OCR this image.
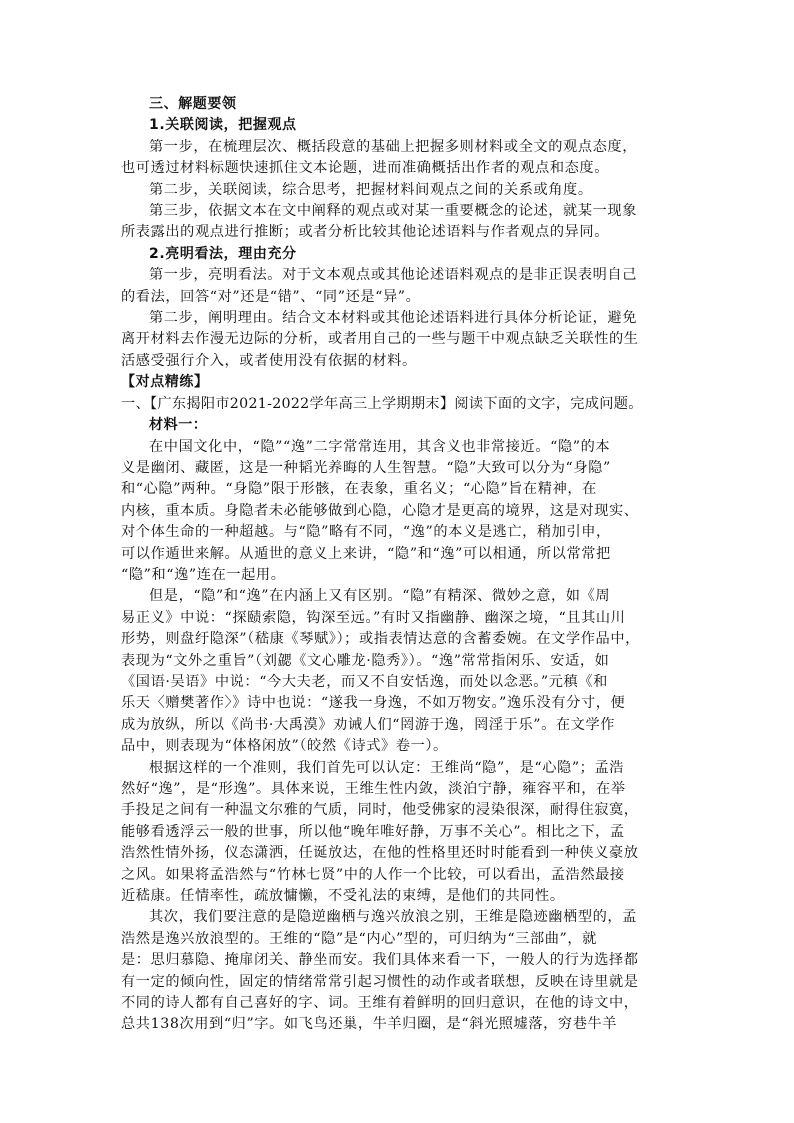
三、解题要领
1.关联阅读，把握观点
第一步，在梳理层次、概括段意的基础上把握多则材料或全文的观点态度，
也可透过材料标题快速抓住文本论题，进而准确概括出作者的观点和态度。
第二步，关联阅读，综合思考，把握材料间观点之间的关系或角度。
第三步，依据文本在文中阐释的观点或对某一重要概念的论述，就某一现象
所表露出的观点进行推断；或者分析比较其他论述语料与作者观点的异同。
2.亮明看法，理由充分
第一步，亮明看法。对于文本观点或其他论述语料观点的是非正误表明自己
的看法，回答“对”还是“错”、“同”还是“异”。
第二步，阐明理由。结合文本材料或其他论述语料进行具体分析论证，避免
离开材料去作漫无边际的分析，或者用自己的一些与题干中观点缺乏关联性的生
活感受强行介入，或者使用没有依据的材料。
【对点精练】
一、【广东揭阳市2021-2022学年高三上学期期末】阅读下面的文字，完成问题。
材料一：
在中国文化中，“隐”“逸”二字常常连用，其含义也非常接近。“隐”的本
义是幽闭、藏匿，这是一种韬光养晦的人生智慧。“隐”大致可以分为“身隐”
和“心隐”两种。“身隐”限于形骸，在表象，重名义；“心隐”旨在精神，在
内核，重本质。身隐者未必能够做到心隐，心隐才是更高的境界，这是对现实、
对个体生命的一种超越。与“隐”略有不同，“逸”的本义是逃亡，稍加引申，
可以作遁世来解。从遁世的意义上来讲，“隐”和“逸”可以相通，所以常常把
“隐”和“逸”连在一起用。
但是，“隐”和“逸”在内涵上又有区别。“隐”有精深、微妙之意，如《周
易正义》中说：“探赜索隐，钩深至远。”有时又指幽静、幽深之境，“且其山川
形势，则盘纡隐深”（嵇康《琴赋》）；或指表情达意的含蓄委婉。在文学作品中，
表现为“文外之重旨”（刘勰《文心雕龙·隐秀》）。“逸”常常指闲乐、安适，如
《国语·吴语》中说：“今大夫老，而又不自安恬逸，而处以念恶。”元稹《和
乐天〈赠樊著作〉》诗中也说：“遂我一身逸，不如万物安。”逸乐没有分寸，便
成为放纵，所以《尚书·大禹漠》劝诫人们“罔游于逸，罔淫于乐”。在文学作
品中，则表现为“体格闲放”（皎然《诗式》卷一）。
根据这样的一个准则，我们首先可以认定：王维尚“隐”，是“心隐”；孟浩
然好“逸”，是“形逸”。具体来说，王维生性内敛，淡泊宁静，雍容平和，在举
手投足之间有一种温文尔雅的气质，同时，他受佛家的浸染很深，耐得住寂寞，
能够看透浮云一般的世事，所以他“晚年唯好静，万事不关心”。相比之下，孟
浩然性情外扬，仪态潇洒，任诞放达，在他的性格里还时时能看到一种侠义豪放
之风。如果将孟浩然与“竹林七贤”中的人作一个比较，可以看出，孟浩然最接
近嵇康。任情率性，疏放慵懒，不受礼法的束缚，是他们的共同性。
其次，我们要注意的是隐逆幽栖与逸兴放浪之别，王维是隐迹幽栖型的，孟
浩然是逸兴放浪型的。王维的“隐”是“内心”型的，可归纳为“三部曲”，就
是：思归慕隐、掩扉闭关、静坐而安。我们具体来看一下，一般人的行为选择都
有一定的倾向性，固定的情绪常常引起习惯性的动作或者联想，反映在诗里就是
不同的诗人都有自己喜好的字、词。王维有着鲜明的回归意识，在他的诗文中，
总共138次用到“归”字。如飞鸟还巢，牛羊归圈，是“斜光照墟落，穷巷牛羊
